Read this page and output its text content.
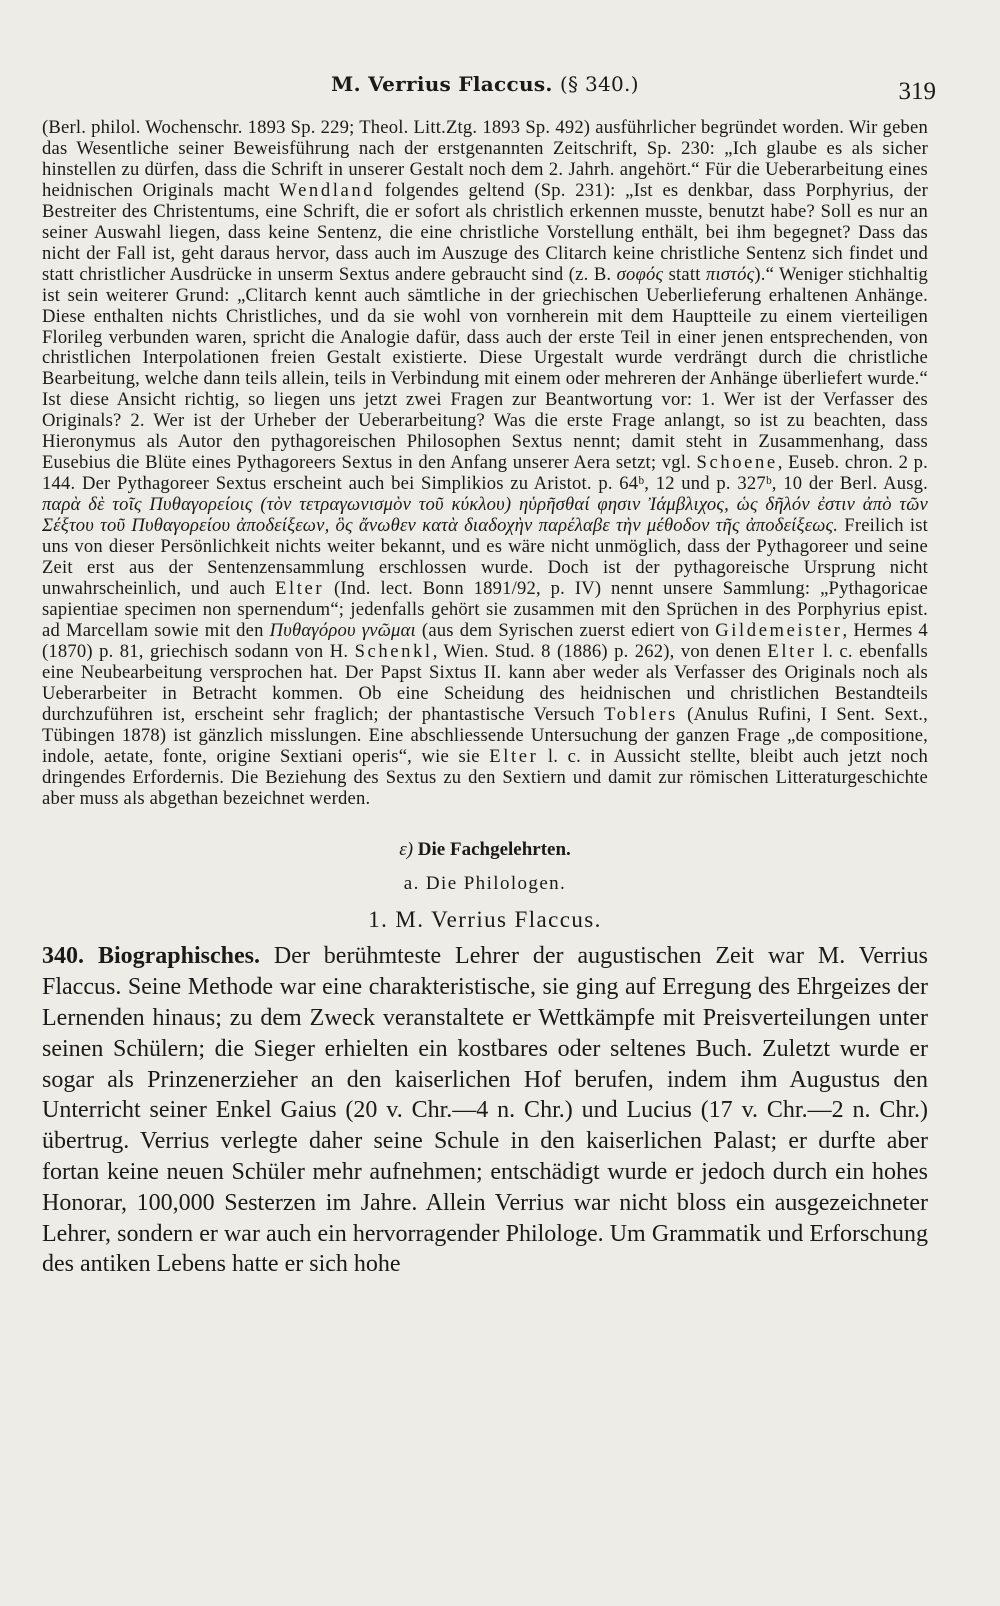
M. Verrius Flaccus. (§ 340.)	319

(Berl. philol. Wochenschr. 1893 Sp. 229; Theol. Litt.Ztg. 1893 Sp. 492) ausführlicher begründet worden. Wir geben das Wesentliche seiner Beweisführung nach der erstgenannten Zeitschrift, Sp. 230: „Ich glaube es als sicher hinstellen zu dürfen, dass die Schrift in unserer Gestalt noch dem 2. Jahrh. angehört.“ Für die Ueberarbeitung eines heidnischen Originals macht Wendland folgendes geltend (Sp. 231): „Ist es denkbar, dass Porphyrius, der Bestreiter des Christentums, eine Schrift, die er sofort als christlich erkennen musste, benutzt habe? Soll es nur an seiner Auswahl liegen, dass keine Sentenz, die eine christliche Vorstellung enthält, bei ihm begegnet? Dass das nicht der Fall ist, geht daraus hervor, dass auch im Auszuge des Clitarch keine christliche Sentenz sich findet und statt christlicher Ausdrücke in unserm Sextus andere gebraucht sind (z. B. σοφός statt πιστός).“ Weniger stichhaltig ist sein weiterer Grund: „Clitarch kennt auch sämtliche in der griechischen Ueberlieferung erhaltenen Anhänge. Diese enthalten nichts Christliches, und da sie wohl von vornherein mit dem Hauptteile zu einem vierteiligen Florileg verbunden waren, spricht die Analogie dafür, dass auch der erste Teil in einer jenen entsprechenden, von christlichen Interpolationen freien Gestalt existierte. Diese Urgestalt wurde verdrängt durch die christliche Bearbeitung, welche dann teils allein, teils in Verbindung mit einem oder mehreren der Anhänge überliefert wurde.“ Ist diese Ansicht richtig, so liegen uns jetzt zwei Fragen zur Beantwortung vor: 1. Wer ist der Verfasser des Originals? 2. Wer ist der Urheber der Ueberarbeitung? Was die erste Frage anlangt, so ist zu beachten, dass Hieronymus als Autor den pythagoreischen Philosophen Sextus nennt; damit steht in Zusammenhang, dass Eusebius die Blüte eines Pythagoreers Sextus in den Anfang unserer Aera setzt; vgl. Schoene, Euseb. chron. 2 p. 144. Der Pythagoreer Sextus erscheint auch bei Simplikios zu Aristot. p. 64ᵇ, 12 und p. 327ᵇ, 10 der Berl. Ausg. παρὰ δὲ τοῖς Πυθαγορείοις (τὸν τετραγωνισμὸν τοῦ κύκλου) ηὑρῆσθαί φησιν Ἰάμβλιχος, ὡς δῆλόν ἐστιν ἀπὸ τῶν Σέξτου τοῦ Πυθαγορείου ἀποδείξεων, ὃς ἄνωθεν κατὰ διαδοχὴν παρέλαβε τὴν μέθοδον τῆς ἀποδείξεως. Freilich ist uns von dieser Persönlichkeit nichts weiter bekannt, und es wäre nicht unmöglich, dass der Pythagoreer und seine Zeit erst aus der Sentenzensammlung erschlossen wurde. Doch ist der pythagoreische Ursprung nicht unwahrscheinlich, und auch Elter (Ind. lect. Bonn 1891/92, p. IV) nennt unsere Sammlung: „Pythagoricae sapientiae specimen non spernendum“; jedenfalls gehört sie zusammen mit den Sprüchen in des Porphyrius epist. ad Marcellam sowie mit den Πυθαγόρου γνῶμαι (aus dem Syrischen zuerst ediert von Gildemeister, Hermes 4 (1870) p. 81, griechisch sodann von H. Schenkl, Wien. Stud. 8 (1886) p. 262), von denen Elter l. c. ebenfalls eine Neubearbeitung versprochen hat. Der Papst Sixtus II. kann aber weder als Verfasser des Originals noch als Ueberarbeiter in Betracht kommen. Ob eine Scheidung des heidnischen und christlichen Bestandteils durchzuführen ist, erscheint sehr fraglich; der phantastische Versuch Toblers (Anulus Rufini, I Sent. Sext., Tübingen 1878) ist gänzlich misslungen. Eine abschliessende Untersuchung der ganzen Frage „de compositione, indole, aetate, fonte, origine Sextiani operis“, wie sie Elter l. c. in Aussicht stellte, bleibt auch jetzt noch dringendes Erfordernis. Die Beziehung des Sextus zu den Sextiern und damit zur römischen Litteraturgeschichte aber muss als abgethan bezeichnet werden.

ε) Die Fachgelehrten.
a. Die Philologen.
1. M. Verrius Flaccus.

340. Biographisches. Der berühmteste Lehrer der augustischen Zeit war M. Verrius Flaccus. Seine Methode war eine charakteristische, sie ging auf Erregung des Ehrgeizes der Lernenden hinaus; zu dem Zweck veranstaltete er Wettkämpfe mit Preisverteilungen unter seinen Schülern; die Sieger erhielten ein kostbares oder seltenes Buch. Zuletzt wurde er sogar als Prinzenerzieher an den kaiserlichen Hof berufen, indem ihm Augustus den Unterricht seiner Enkel Gaius (20 v. Chr.—4 n. Chr.) und Lucius (17 v. Chr.—2 n. Chr.) übertrug. Verrius verlegte daher seine Schule in den kaiserlichen Palast; er durfte aber fortan keine neuen Schüler mehr aufnehmen; entschädigt wurde er jedoch durch ein hohes Honorar, 100,000 Sesterzen im Jahre. Allein Verrius war nicht bloss ein ausgezeichneter Lehrer, sondern er war auch ein hervorragender Philologe. Um Grammatik und Erforschung des antiken Lebens hatte er sich hohe
